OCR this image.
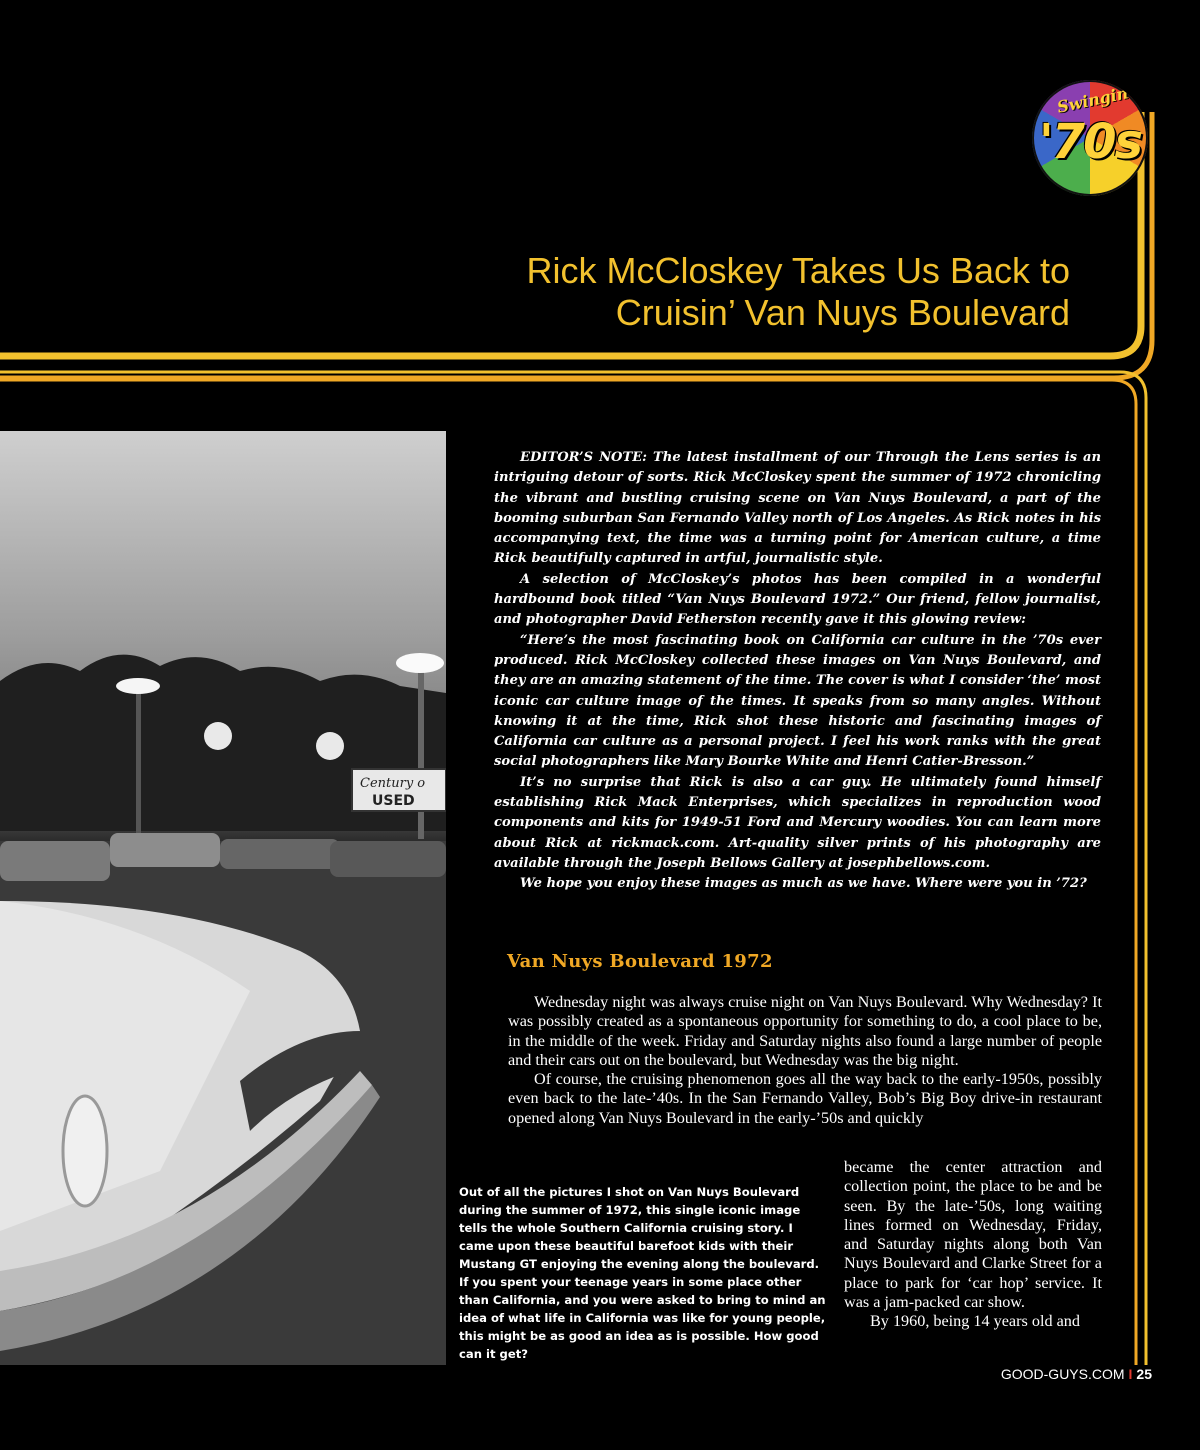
Swingin'
'70s
Rick McCloskey Takes Us Back to
Cruisin’ Van Nuys Boulevard
Century o
USED

EDITOR’S NOTE: The latest installment of our Through the Lens series is an intriguing detour of sorts. Rick McCloskey spent the summer of 1972 chronicling the vibrant and bustling cruising scene on Van Nuys Boulevard, a part of the booming suburban San Fernando Valley north of Los Angeles. As Rick notes in his accompanying text, the time was a turning point for American culture, a time Rick beautifully captured in artful, journalistic style.

A selection of McCloskey’s photos has been compiled in a wonderful hardbound book titled “Van Nuys Boulevard 1972.” Our friend, fellow journalist, and photographer David Fetherston recently gave it this glowing review:

“Here’s the most fascinating book on California car culture in the ’70s ever produced. Rick McCloskey collected these images on Van Nuys Boulevard, and they are an amazing statement of the time. The cover is what I consider ‘the’ most iconic car culture image of the times. It speaks from so many angles. Without knowing it at the time, Rick shot these historic and fascinating images of California car culture as a personal project. I feel his work ranks with the great social photographers like Mary Bourke White and Henri Catier-Bresson.”

It’s no surprise that Rick is also a car guy. He ultimately found himself establishing Rick Mack Enterprises, which specializes in reproduction wood components and kits for 1949-51 Ford and Mercury woodies. You can learn more about Rick at rickmack.com. Art-quality silver prints of his photography are available through the Joseph Bellows Gallery at josephbellows.com.

We hope you enjoy these images as much as we have. Where were you in ’72?

Van Nuys Boulevard 1972

Wednesday night was always cruise night on Van Nuys Boulevard. Why Wednesday? It was possibly created as a spontaneous opportunity for something to do, a cool place to be, in the middle of the week. Friday and Saturday nights also found a large number of people and their cars out on the boulevard, but Wednesday was the big night.

Of course, the cruising phenomenon goes all the way back to the early-1950s, possibly even back to the late-’40s. In the San Fernando Valley, Bob’s Big Boy drive-in restaurant opened along Van Nuys Boulevard in the early-’50s and quickly

became the center attraction and collection point, the place to be and be seen. By the late-’50s, long waiting lines formed on Wednesday, Friday, and Saturday nights along both Van Nuys Boulevard and Clarke Street for a place to park for ‘car hop’ service. It was a jam-packed car show.

By 1960, being 14 years old and

Out of all the pictures I shot on Van Nuys Boulevard during the summer of 1972, this single iconic image tells the whole Southern California cruising story. I came upon these beautiful barefoot kids with their Mustang GT enjoying the evening along the boulevard. If you spent your teenage years in some place other than California, and you were asked to bring to mind an idea of what life in California was like for young people, this might be as good an idea as is possible. How good can it get?
GOOD-GUYS.COM I 25
